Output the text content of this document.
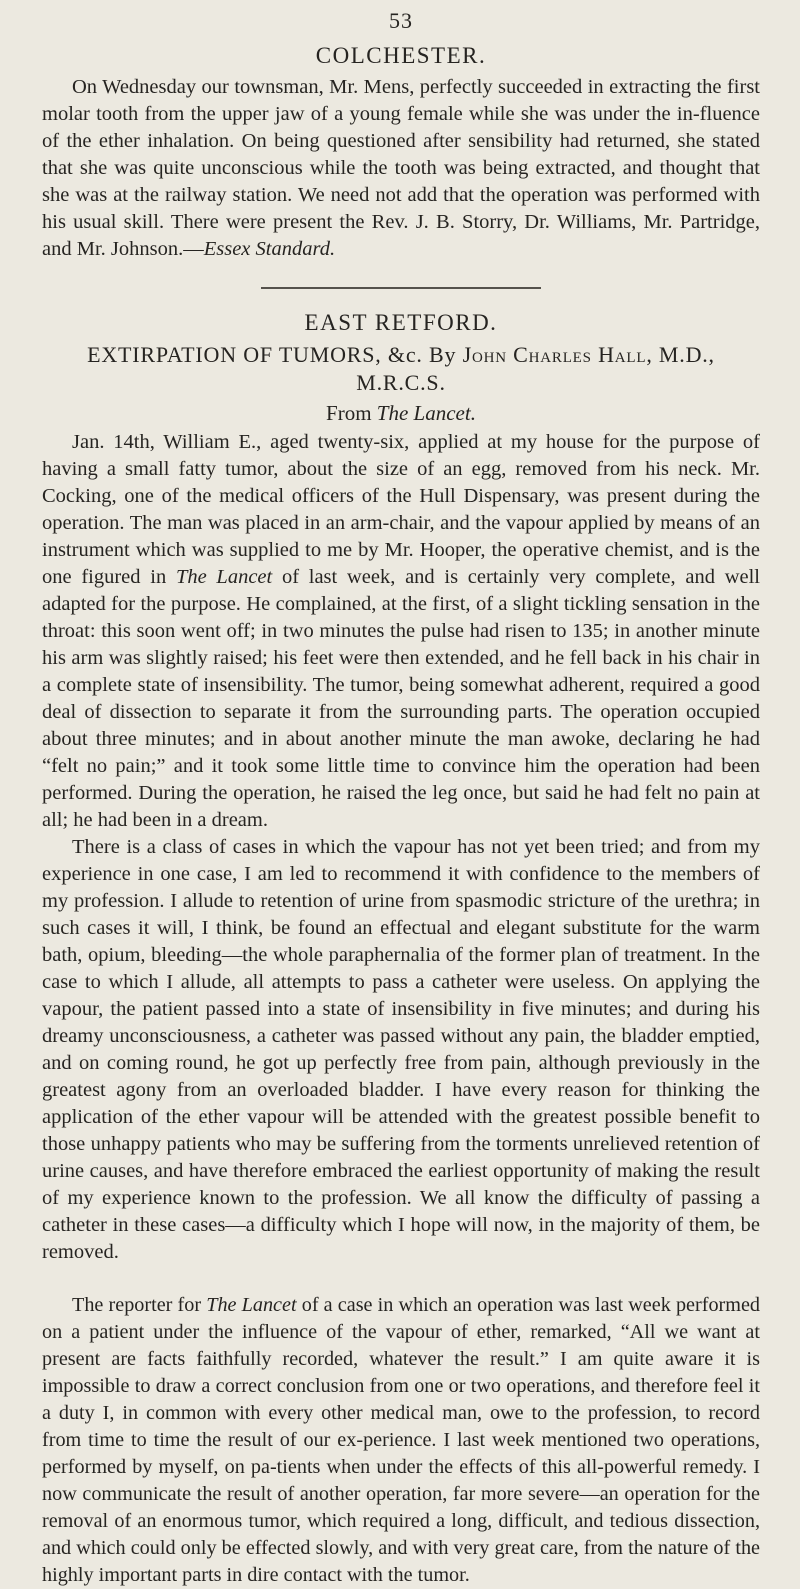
53
COLCHESTER.

On Wednesday our townsman, Mr. Mens, perfectly succeeded in extracting the first molar tooth from the upper jaw of a young female while she was under the in-fluence of the ether inhalation. On being questioned after sensibility had returned, she stated that she was quite unconscious while the tooth was being extracted, and thought that she was at the railway station. We need not add that the operation was performed with his usual skill. There were present the Rev. J. B. Storry, Dr. Williams, Mr. Partridge, and Mr. Johnson.—Essex Standard.

EAST RETFORD.
EXTIRPATION OF TUMORS, &c. By John Charles Hall, M.D., M.R.C.S.
From The Lancet.

Jan. 14th, William E., aged twenty-six, applied at my house for the purpose of having a small fatty tumor, about the size of an egg, removed from his neck. Mr. Cocking, one of the medical officers of the Hull Dispensary, was present during the operation. The man was placed in an arm-chair, and the vapour applied by means of an instrument which was supplied to me by Mr. Hooper, the operative chemist, and is the one figured in The Lancet of last week, and is certainly very complete, and well adapted for the purpose. He complained, at the first, of a slight tickling sensation in the throat: this soon went off; in two minutes the pulse had risen to 135; in another minute his arm was slightly raised; his feet were then extended, and he fell back in his chair in a complete state of insensibility. The tumor, being somewhat adherent, required a good deal of dissection to separate it from the surrounding parts. The operation occupied about three minutes; and in about another minute the man awoke, declaring he had “felt no pain;” and it took some little time to convince him the operation had been performed. During the operation, he raised the leg once, but said he had felt no pain at all; he had been in a dream.

There is a class of cases in which the vapour has not yet been tried; and from my experience in one case, I am led to recommend it with confidence to the members of my profession. I allude to retention of urine from spasmodic stricture of the urethra; in such cases it will, I think, be found an effectual and elegant substitute for the warm bath, opium, bleeding—the whole paraphernalia of the former plan of treatment. In the case to which I allude, all attempts to pass a catheter were useless. On applying the vapour, the patient passed into a state of insensibility in five minutes; and during his dreamy unconsciousness, a catheter was passed without any pain, the bladder emptied, and on coming round, he got up perfectly free from pain, although previously in the greatest agony from an overloaded bladder. I have every reason for thinking the application of the ether vapour will be attended with the greatest possible benefit to those unhappy patients who may be suffering from the torments unrelieved retention of urine causes, and have therefore embraced the earliest opportunity of making the result of my experience known to the profession. We all know the difficulty of passing a catheter in these cases—a difficulty which I hope will now, in the majority of them, be removed.

The reporter for The Lancet of a case in which an operation was last week performed on a patient under the influence of the vapour of ether, remarked, “All we want at present are facts faithfully recorded, whatever the result.” I am quite aware it is impossible to draw a correct conclusion from one or two operations, and therefore feel it a duty I, in common with every other medical man, owe to the profession, to record from time to time the result of our ex-perience. I last week mentioned two operations, performed by myself, on pa-tients when under the effects of this all-powerful remedy. I now communicate the result of another operation, far more severe—an operation for the removal of an enormous tumor, which required a long, difficult, and tedious dissection, and which could only be effected slowly, and with very great care, from the nature of the highly important parts in dire contact with the tumor.
